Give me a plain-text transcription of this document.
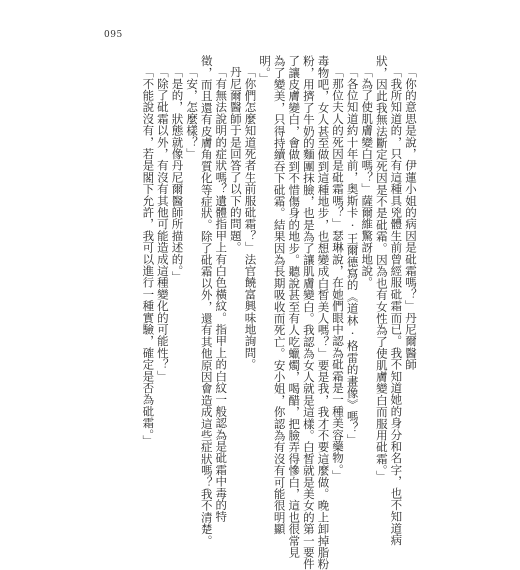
095

「你的意思是說，伊蓮小姐的病因是砒霜嗎？」丹尼爾醫師

「我所知道的，只有這種具兇體生前曾經服砒霜而已。我不知道她的身分和名字，也不知道病

狀，因此我無法斷定死因是不是砒霜。因為也有女性為了使肌膚變白而服用砒霜。」

「為了使肌膚變白嗎？」薩爾維驚訝地說。

「各位知道約十年前，奥斯卡·王爾德寫的《道林·格雷的畫像》嗎？」

「那位夫人的死因是砒霜嗎？」瑟琳說，在她們眼中認為砒霜是一種美容藥物。」

毒物吧，女人甚至做到這種地步，也想變成白皙美人嗎？」要是我，我才不要這麼做。晚上卸掉脂粉

粉，用擠了牛奶的麵團抹臉，也是為了讓肌膚變白。我認為女人就是這樣。白皙就是美女的第一要件

了讓皮膚變白，會做到不惜傷身的地步。聽說甚至有人吃蠟燭，喝醋，把臉弄得慘白，這也很常見

為了變美，只得持續吞下砒霜。結果因為長期吸收而死亡。安小姐，你認為有沒有可能很明顯

明。」

「你們怎麼知道死者生前服砒霜？」法官饒富興味地詢問。

丹尼爾醫師于是回答了以下的問題。

「有無法說明的症狀嗎？遺體指甲上有白色橫紋。指甲上的白紋一般認為是砒霜中毒的特

徵，而且還有皮膚角質化等症狀。除了砒霜以外，還有其他原因會造成這些症狀嗎？我不清楚。

「安，怎麼樣？」

「是的，狀態就像丹尼爾醫師所描述的。」

「除了砒霜以外，有沒有其他可能造成這種變化的可能性？」

「不能說沒有，若是閣下允許，我可以進行一種實驗，確定是否為砒霜。」
